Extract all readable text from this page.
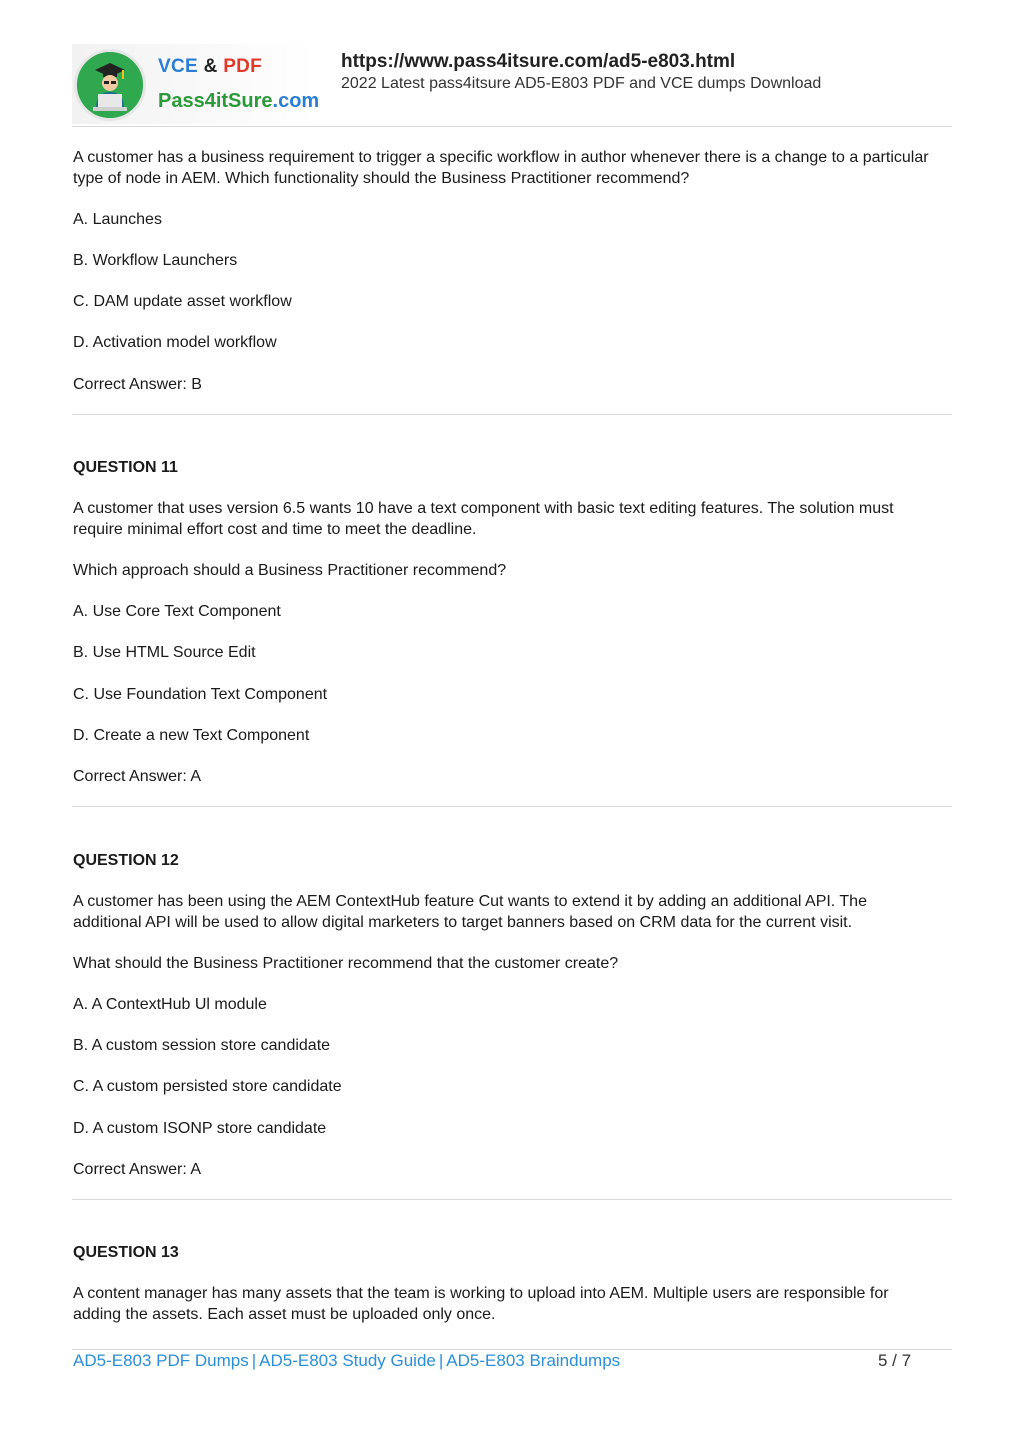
VCE & PDF
Pass4itSure.com
https://www.pass4itsure.com/ad5-e803.html
2022 Latest pass4itsure AD5-E803 PDF and VCE dumps Download
A customer has a business requirement to trigger a specific workflow in author whenever there is a change to a particular type of node in AEM. Which functionality should the Business Practitioner recommend?
A. Launches
B. Workflow Launchers
C. DAM update asset workflow
D. Activation model workflow
Correct Answer: B
QUESTION 11
A customer that uses version 6.5 wants 10 have a text component with basic text editing features. The solution must require minimal effort cost and time to meet the deadline.
Which approach should a Business Practitioner recommend?
A. Use Core Text Component
B. Use HTML Source Edit
C. Use Foundation Text Component
D. Create a new Text Component
Correct Answer: A
QUESTION 12
A customer has been using the AEM ContextHub feature Cut wants to extend it by adding an additional API. The additional API will be used to allow digital marketers to target banners based on CRM data for the current visit.
What should the Business Practitioner recommend that the customer create?
A. A ContextHub Ul module
B. A custom session store candidate
C. A custom persisted store candidate
D. A custom ISONP store candidate
Correct Answer: A
QUESTION 13
A content manager has many assets that the team is working to upload into AEM. Multiple users are responsible for adding the assets. Each asset must be uploaded only once.
AD5-E803 PDF Dumps | AD5-E803 Study Guide | AD5-E803 Braindumps	5 / 7
